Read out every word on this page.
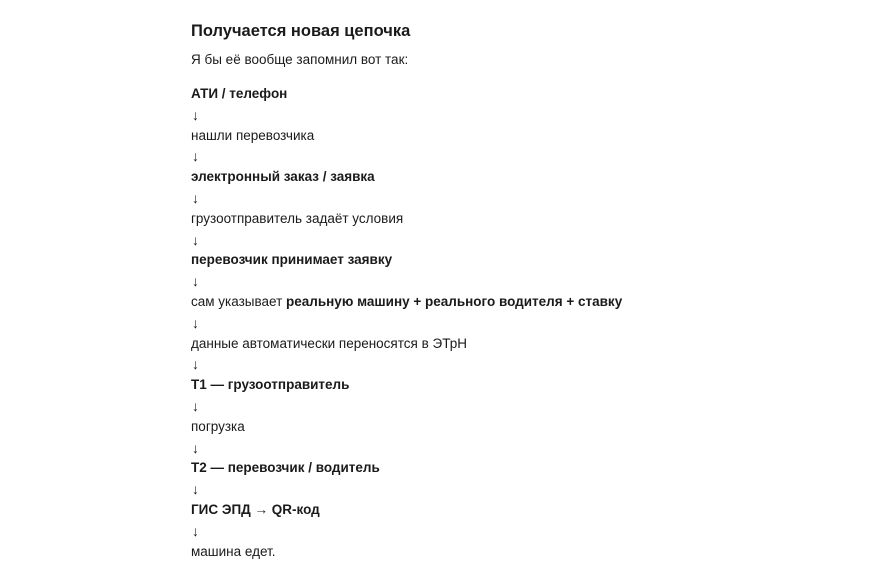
Получается новая цепочка
Я бы её вообще запомнил вот так:
АТИ / телефон
↓
нашли перевозчика
↓
электронный заказ / заявка
↓
грузоотправитель задаёт условия
↓
перевозчик принимает заявку
↓
сам указывает реальную машину + реального водителя + ставку
↓
данные автоматически переносятся в ЭТрН
↓
Т1 — грузоотправитель
↓
погрузка
↓
Т2 — перевозчик / водитель
↓
ГИС ЭПД → QR-код
↓
машина едет.
